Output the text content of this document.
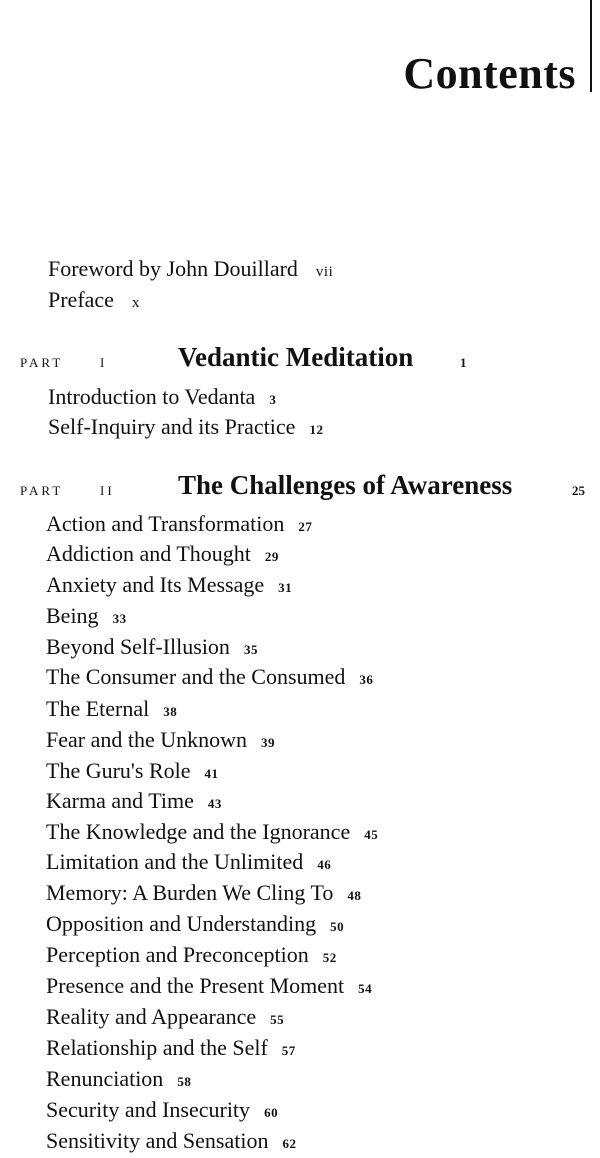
Contents
Foreword by John Douillard vii
Preface x
PART	I	Vedantic Meditation	1
Introduction to Vedanta 3
Self-Inquiry and its Practice 12
PART	II The Challenges of Awareness	25
Action and Transformation 27
Addiction and Thought 29
Anxiety and Its Message 31
Being 33
Beyond Self-Illusion 35
The Consumer and the Consumed 36
The Eternal 38
Fear and the Unknown 39
The Guru's Role 41
Karma and Time 43
The Knowledge and the Ignorance 45
Limitation and the Unlimited 46
Memory: A Burden We Cling To 48
Opposition and Understanding 50
Perception and Preconception 52
Presence and the Present Moment 54
Reality and Appearance 55
Relationship and the Self 57
Renunciation 58
Security and Insecurity 60
Sensitivity and Sensation 62
